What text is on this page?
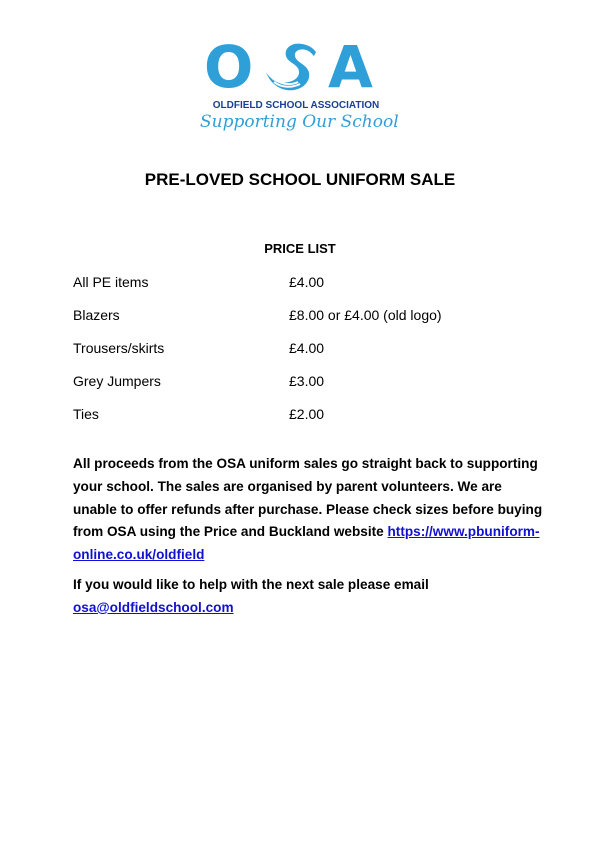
O A
OLDFIELD SCHOOL ASSOCIATION
Supporting Our School
PRE-LOVED SCHOOL UNIFORM SALE
PRICE LIST
All PE items	£4.00
Blazers	£8.00 or £4.00 (old logo)
Trousers/skirts	£4.00
Grey Jumpers	£3.00
Ties	£2.00
All proceeds from the OSA uniform sales go straight back to supporting your school. The sales are organised by parent volunteers. We are unable to offer refunds after purchase. Please check sizes before buying from OSA using the Price and Buckland website https://www.pbuniform-online.co.uk/oldfield
If you would like to help with the next sale please email
osa@oldfieldschool.com
